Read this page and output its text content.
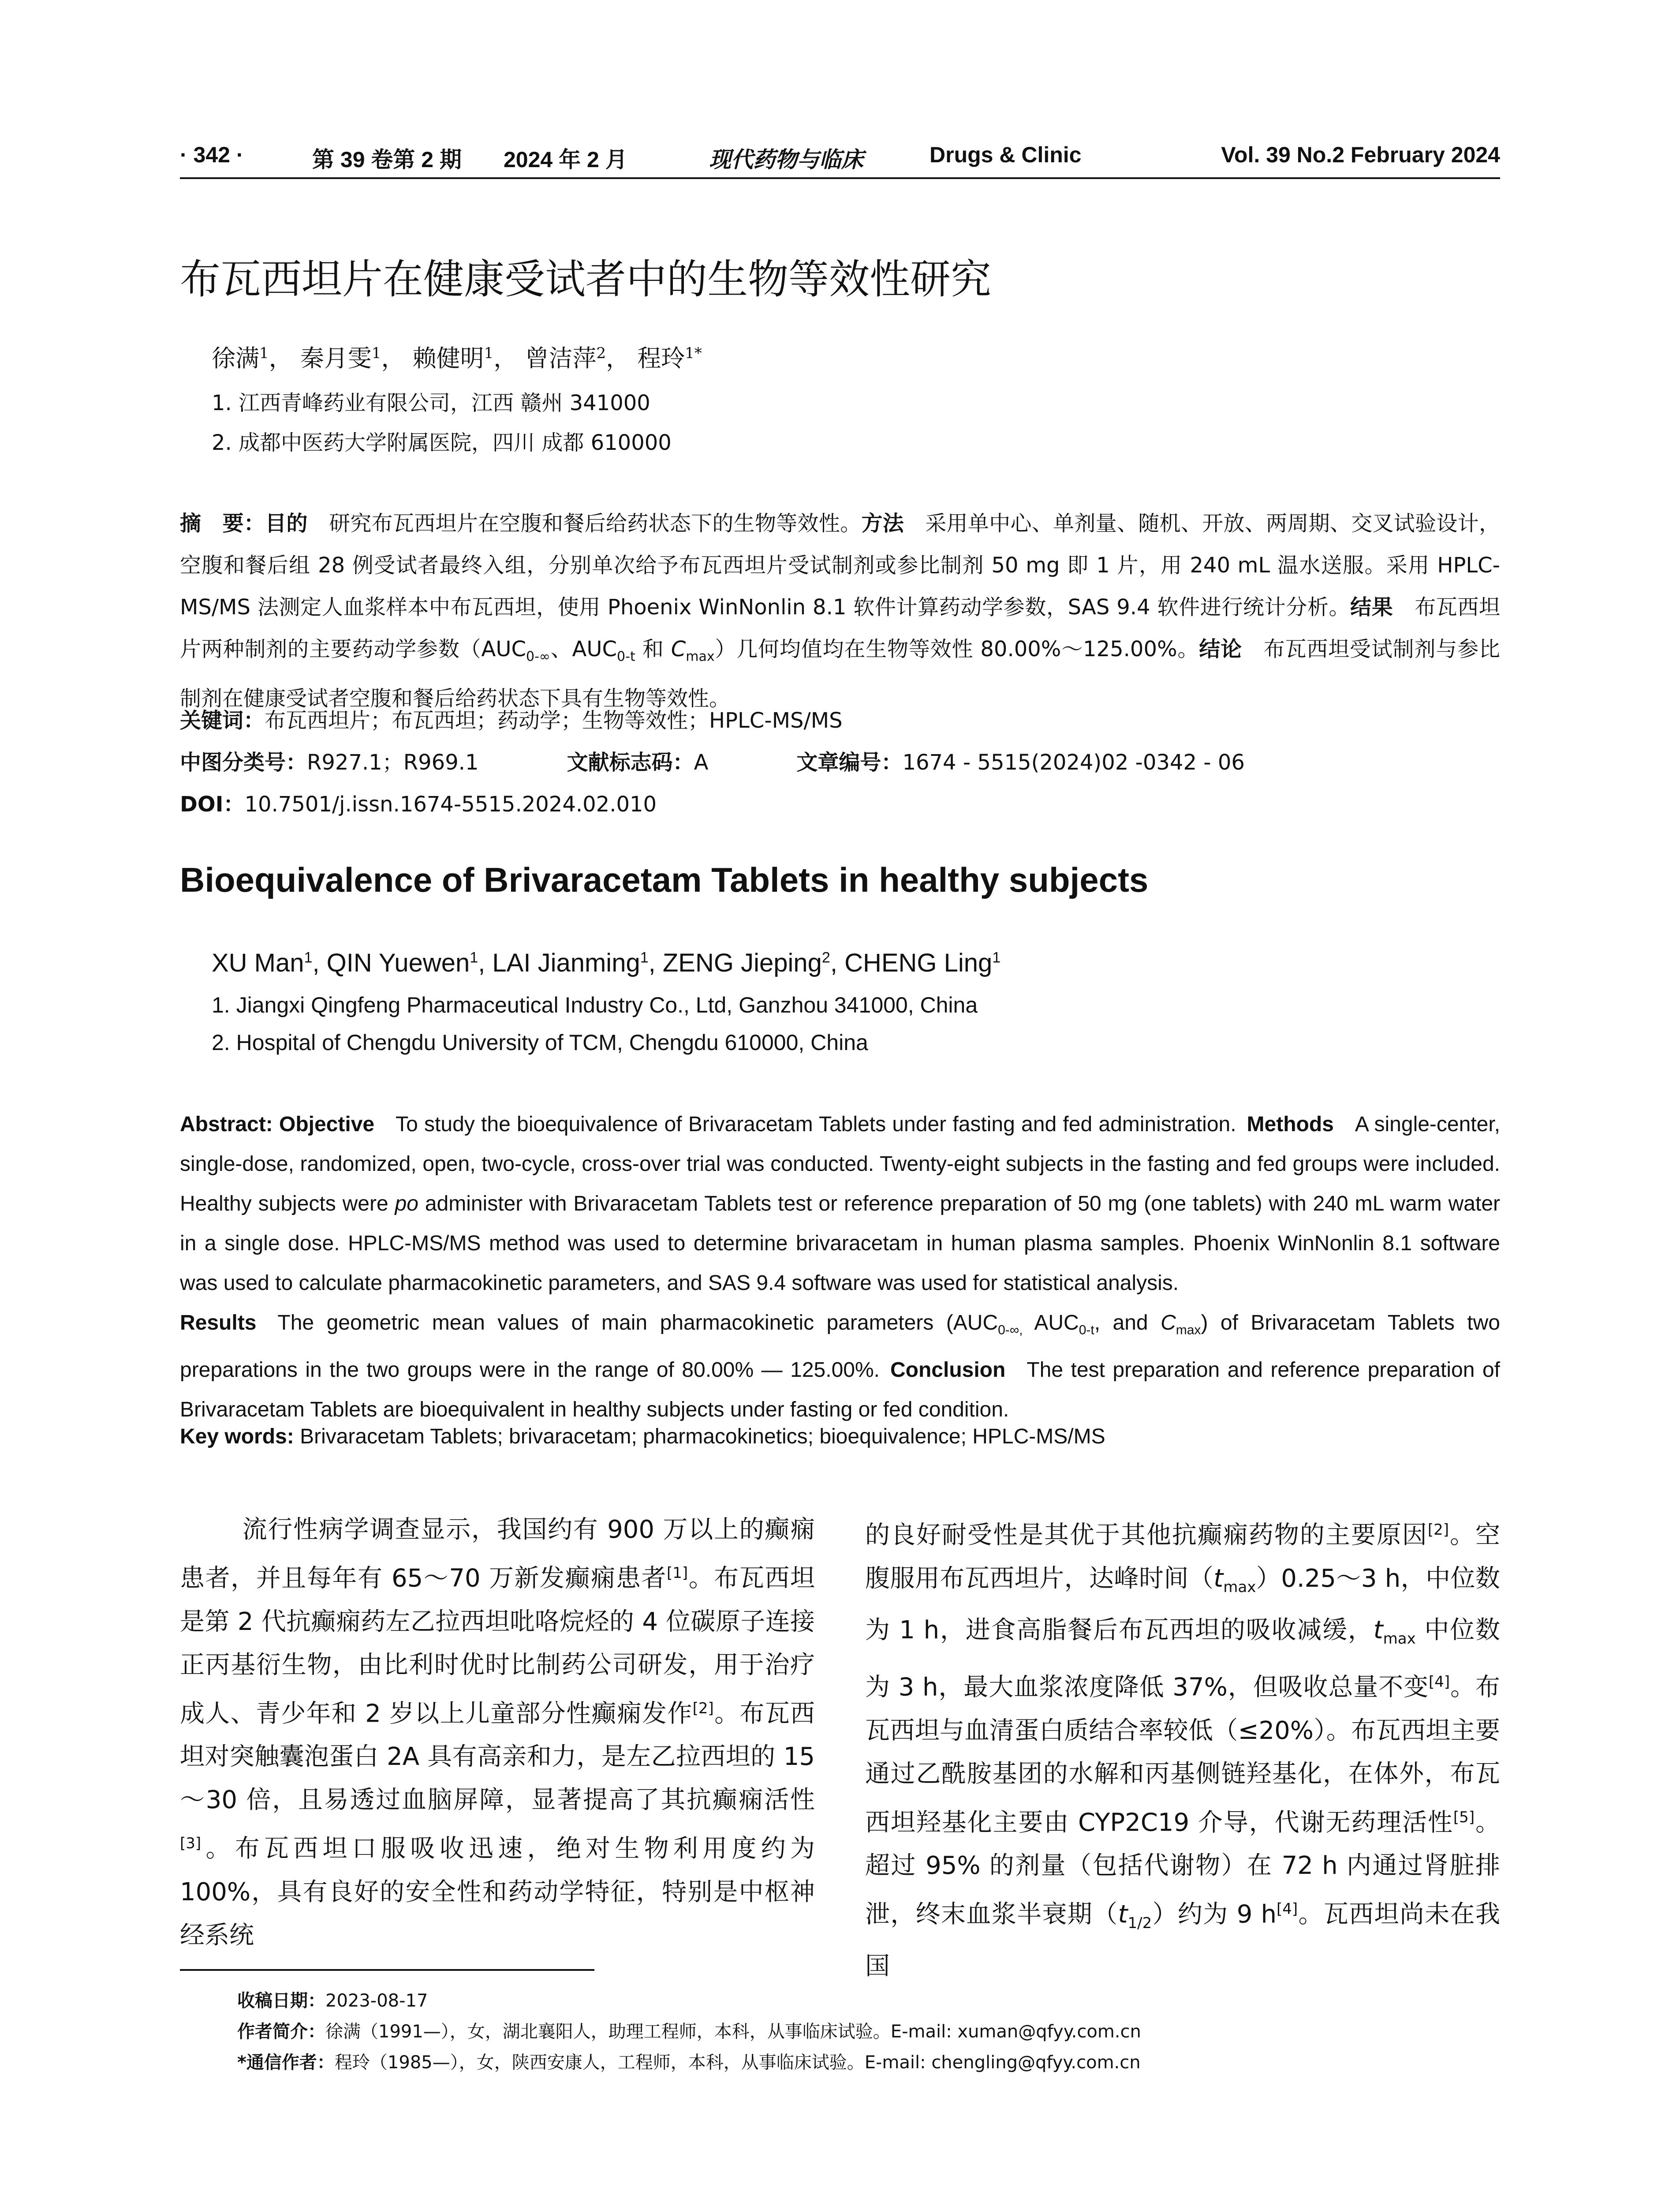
· 342 ·	第 39 卷第 2 期 2024 年 2 月	现代药物与临床	Drugs & Clinic	Vol. 39 No.2 February 2024
布瓦西坦片在健康受试者中的生物等效性研究
徐满$^1$， 秦月雯$^1$， 赖健明$^1$， 曾洁萍$^2$， 程玲$^{1*}$
1. 江西青峰药业有限公司，江西 赣州 341000
2. 成都中医药大学附属医院，四川 成都 610000
摘　要：目的  研究布瓦西坦片在空腹和餐后给药状态下的生物等效性。方法  采用单中心、单剂量、随机、开放、两周期、交叉试验设计，空腹和餐后组 28 例受试者最终入组，分别单次给予布瓦西坦片受试制剂或参比制剂 50 mg 即 1 片，用 240 mL 温水送服。采用 HPLC-MS/MS 法测定人血浆样本中布瓦西坦，使用 Phoenix WinNonlin 8.1 软件计算药动学参数，SAS 9.4 软件进行统计分析。结果  布瓦西坦片两种制剂的主要药动学参数（$AUC_{0-\infty}$、$AUC_{0-t}$ 和 $C_{max}$）几何均值均在生物等效性 80.00%～125.00%。结论  布瓦西坦受试制剂与参比制剂在健康受试者空腹和餐后给药状态下具有生物等效性。
关键词：布瓦西坦片；布瓦西坦；药动学；生物等效性；HPLC-MS/MS
中图分类号：R927.1；R969.1	文献标志码：A	文章编号：1674 - 5515(2024)02 -0342 - 06
DOI：10.7501/j.issn.1674-5515.2024.02.010
Bioequivalence of Brivaracetam Tablets in healthy subjects
XU Man$^1$, QIN Yuewen$^1$, LAI Jianming$^1$, ZENG Jieping$^2$, CHENG Ling$^1$
1. Jiangxi Qingfeng Pharmaceutical Industry Co., Ltd, Ganzhou 341000, China
2. Hospital of Chengdu University of TCM, Chengdu 610000, China
Abstract: Objective  To study the bioequivalence of Brivaracetam Tablets under fasting and fed administration.  Methods  A single-center, single-dose, randomized, open, two-cycle, cross-over trial was conducted. Twenty-eight subjects in the fasting and fed groups were included. Healthy subjects were po administer with Brivaracetam Tablets test or reference preparation of 50 mg (one tablets) with 240 mL warm water in a single dose. HPLC-MS/MS method was used to determine brivaracetam in human plasma samples. Phoenix WinNonlin 8.1 software was used to calculate pharmacokinetic parameters, and SAS 9.4 software was used for statistical analysis.
Results  The geometric mean values of main pharmacokinetic parameters ($AUC_{0-\infty,}$ $AUC_{0-t}$, and $C_{max}$) of Brivaracetam Tablets two preparations in the two groups were in the range of 80.00% — 125.00%.  Conclusion  The test preparation and reference preparation of Brivaracetam Tablets are bioequivalent in healthy subjects under fasting or fed condition.
Key words: Brivaracetam Tablets; brivaracetam; pharmacokinetics; bioequivalence; HPLC-MS/MS
流行性病学调查显示，我国约有 900 万以上的癫痫患者，并且每年有 65～70 万新发癫痫患者[1]。布瓦西坦是第 2 代抗癫痫药左乙拉西坦吡咯烷烃的 4 位碳原子连接正丙基衍生物，由比利时优时比制药公司研发，用于治疗成人、青少年和 2 岁以上儿童部分性癫痫发作[2]。布瓦西坦对突触囊泡蛋白 2A 具有高亲和力，是左乙拉西坦的 15～30 倍，且易透过血脑屏障，显著提高了其抗癫痫活性[3]。布瓦西坦口服吸收迅速，绝对生物利用度约为 100%，具有良好的安全性和药动学特征，特别是中枢神经系统
的良好耐受性是其优于其他抗癫痫药物的主要原因[2]。空腹服用布瓦西坦片，达峰时间$(t_{max})0.25\sim 3$ h，中位数为 1 h，进食高脂餐后布瓦西坦的吸收减缓，$t_{max}$ 中位数为 3 h，最大血浆浓度降低 37%，但吸收总量不变[4]。布瓦西坦与血清蛋白质结合率较低（≤20%）。布瓦西坦主要通过乙酰胺基团的水解和丙基侧链羟基化，在体外，布瓦西坦羟基化主要由 CYP2C19 介导，代谢无药理活性[5]。超过 95% 的剂量（包括代谢物）在 72 h 内通过肾脏排泄，终末血浆半衰期$(t_{1/2})$约为 9 h[4]。瓦西坦尚未在我国
收稿日期：2023-08-17
作者简介：徐满（1991—），女，湖北襄阳人，助理工程师，本科，从事临床试验。E-mail: xuman@qfyy.com.cn
*通信作者：程玲（1985—），女，陕西安康人，工程师，本科，从事临床试验。E-mail: chengling@qfyy.com.cn
